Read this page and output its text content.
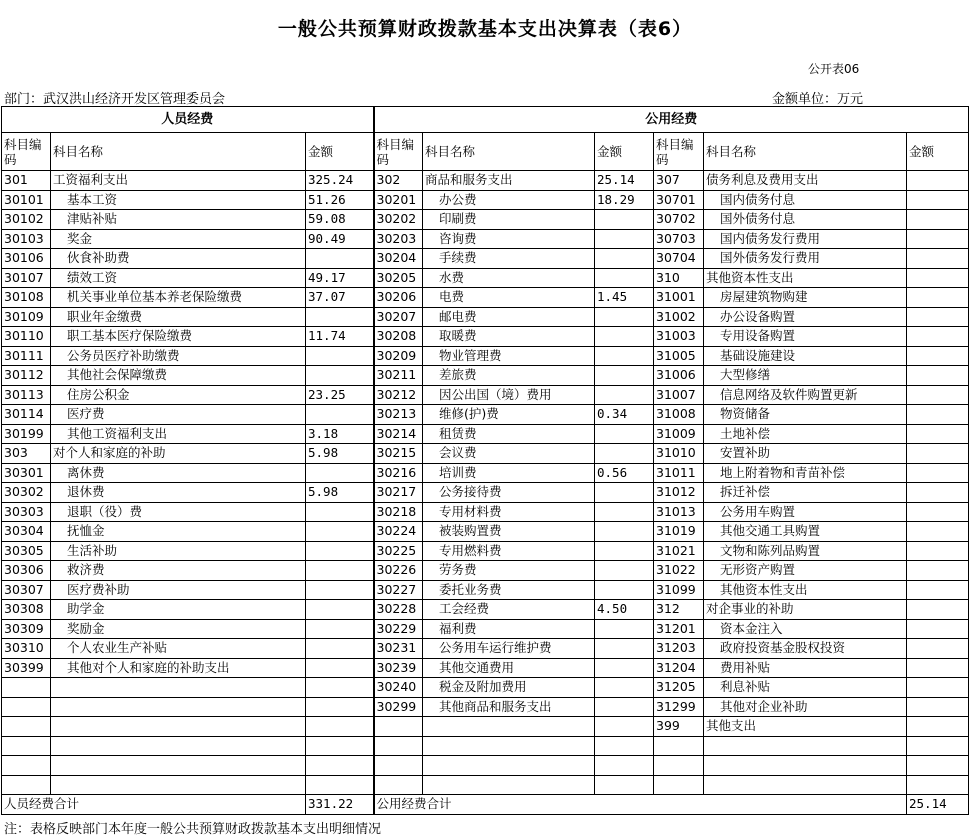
一般公共预算财政拨款基本支出决算表（表6）
公开表06
部门：武汉洪山经济开发区管理委员会	金额单位：万元
人员经费			公用经费					
科目编码	科目名称	金额	科目编码	科目名称	金额	科目编码	科目名称	金额
301	工资福利支出	325.24	302	商品和服务支出	25.14	307	债务利息及费用支出	
30101	基本工资	51.26	30201	办公费	18.29	30701	国内债务付息	
30102	津贴补贴	59.08	30202	印刷费		30702	国外债务付息	
30103	奖金	90.49	30203	咨询费		30703	国内债务发行费用	
30106	伙食补助费		30204	手续费		30704	国外债务发行费用	
30107	绩效工资	49.17	30205	水费		310	其他资本性支出	
30108	机关事业单位基本养老保险缴费	37.07	30206	电费	1.45	31001	房屋建筑物购建	
30109	职业年金缴费		30207	邮电费		31002	办公设备购置	
30110	职工基本医疗保险缴费	11.74	30208	取暖费		31003	专用设备购置	
30111	公务员医疗补助缴费		30209	物业管理费		31005	基础设施建设	
30112	其他社会保障缴费		30211	差旅费		31006	大型修缮	
30113	住房公积金	23.25	30212	因公出国（境）费用		31007	信息网络及软件购置更新	
30114	医疗费		30213	维修(护)费	0.34	31008	物资储备	
30199	其他工资福利支出	3.18	30214	租赁费		31009	土地补偿	
303	对个人和家庭的补助	5.98	30215	会议费		31010	安置补助	
30301	离休费		30216	培训费	0.56	31011	地上附着物和青苗补偿	
30302	退休费	5.98	30217	公务接待费		31012	拆迁补偿	
30303	退职（役）费		30218	专用材料费		31013	公务用车购置	
30304	抚恤金		30224	被装购置费		31019	其他交通工具购置	
30305	生活补助		30225	专用燃料费		31021	文物和陈列品购置	
30306	救济费		30226	劳务费		31022	无形资产购置	
30307	医疗费补助		30227	委托业务费		31099	其他资本性支出	
30308	助学金		30228	工会经费	4.50	312	对企事业的补助	
30309	奖励金		30229	福利费		31201	资本金注入	
30310	个人农业生产补贴		30231	公务用车运行维护费		31203	政府投资基金股权投资	
30399	其他对个人和家庭的补助支出		30239	其他交通费用		31204	费用补贴	
			30240	税金及附加费用		31205	利息补贴	
			30299	其他商品和服务支出		31299	其他对企业补助	
						399	其他支出	

人员经费合计		331.22	公用经费合计					25.14
注：表格反映部门本年度一般公共预算财政拨款基本支出明细情况
